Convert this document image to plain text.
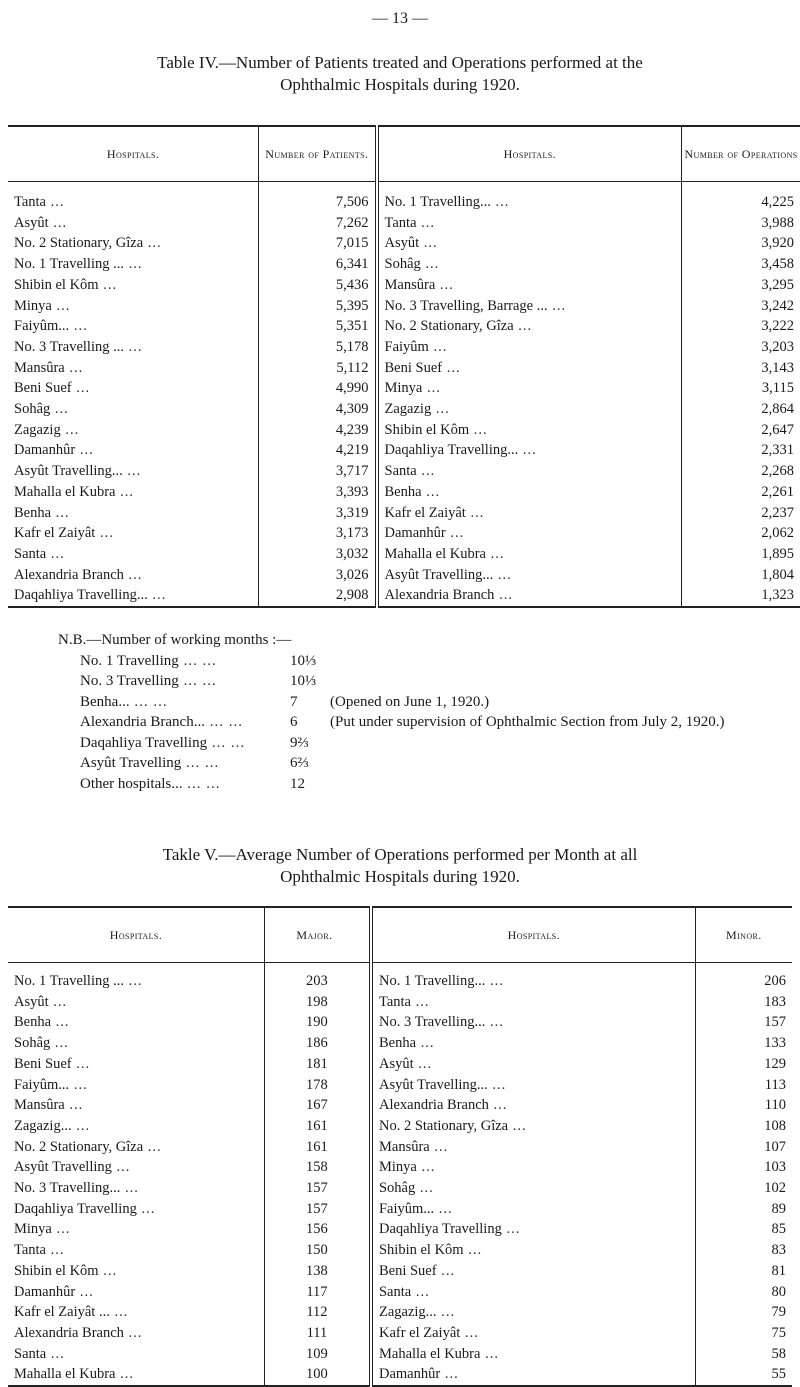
— 13 —

Table IV.—Number of Patients treated and Operations performed at the

Ophthalmic Hospitals during 1920.

Hospitals.	Number of Patients.	Hospitals.	Number of Operations
Tanta ...	7,506	No. 1 Travelling... ...	4,225
Asyût ...	7,262	Tanta ...	3,988
No. 2 Stationary, Gîza ...	7,015	Asyût ...	3,920
No. 1 Travelling ... ...	6,341	Sohâg ...	3,458
Shibin el Kôm ...	5,436	Mansûra ...	3,295
Minya ...	5,395	No. 3 Travelling, Barrage ... ...	3,242
Faiyûm... ...	5,351	No. 2 Stationary, Gîza ...	3,222
No. 3 Travelling ... ...	5,178	Faiyûm ...	3,203
Mansûra ...	5,112	Beni Suef ...	3,143
Beni Suef ...	4,990	Minya ...	3,115
Sohâg ...	4,309	Zagazig ...	2,864
Zagazig ...	4,239	Shibin el Kôm ...	2,647
Damanhûr ...	4,219	Daqahliya Travelling... ...	2,331
Asyût Travelling... ...	3,717	Santa ...	2,268
Mahalla el Kubra ...	3,393	Benha ...	2,261
Benha ...	3,319	Kafr el Zaiyât ...	2,237
Kafr el Zaiyât ...	3,173	Damanhûr ...	2,062
Santa ...	3,032	Mahalla el Kubra ...	1,895
Alexandria Branch ...	3,026	Asyût Travelling... ...	1,804
Daqahliya Travelling... ...	2,908	Alexandria Branch ...	1,323
N.B.—Number of working months :—
No. 1 Travelling ... ...	10⅓
No. 3 Travelling ... ...	10⅓
Benha... ... ...	7	(Opened on June 1, 1920.)
Alexandria Branch... ... ...	6	(Put under supervision of Ophthalmic Section from July 2, 1920.)
Daqahliya Travelling ... ...	9⅔
Asyût Travelling ... ...	6⅔
Other hospitals... ... ...	12

Takle V.—Average Number of Operations performed per Month at all

Ophthalmic Hospitals during 1920.

Hospitals.	Major.	Hospitals.	Minor.
No. 1 Travelling ... ...	203	No. 1 Travelling... ...	206
Asyût ...	198	Tanta ...	183
Benha ...	190	No. 3 Travelling... ...	157
Sohâg ...	186	Benha ...	133
Beni Suef ...	181	Asyût ...	129
Faiyûm... ...	178	Asyût Travelling... ...	113
Mansûra ...	167	Alexandria Branch ...	110
Zagazig... ...	161	No. 2 Stationary, Gîza ...	108
No. 2 Stationary, Gîza ...	161	Mansûra ...	107
Asyût Travelling ...	158	Minya ...	103
No. 3 Travelling... ...	157	Sohâg ...	102
Daqahliya Travelling ...	157	Faiyûm... ...	89
Minya ...	156	Daqahliya Travelling ...	85
Tanta ...	150	Shibin el Kôm ...	83
Shibin el Kôm ...	138	Beni Suef ...	81
Damanhûr ...	117	Santa ...	80
Kafr el Zaiyât ... ...	112	Zagazig... ...	79
Alexandria Branch ...	111	Kafr el Zaiyât ...	75
Santa ...	109	Mahalla el Kubra ...	58
Mahalla el Kubra ...	100	Damanhûr ...	55
